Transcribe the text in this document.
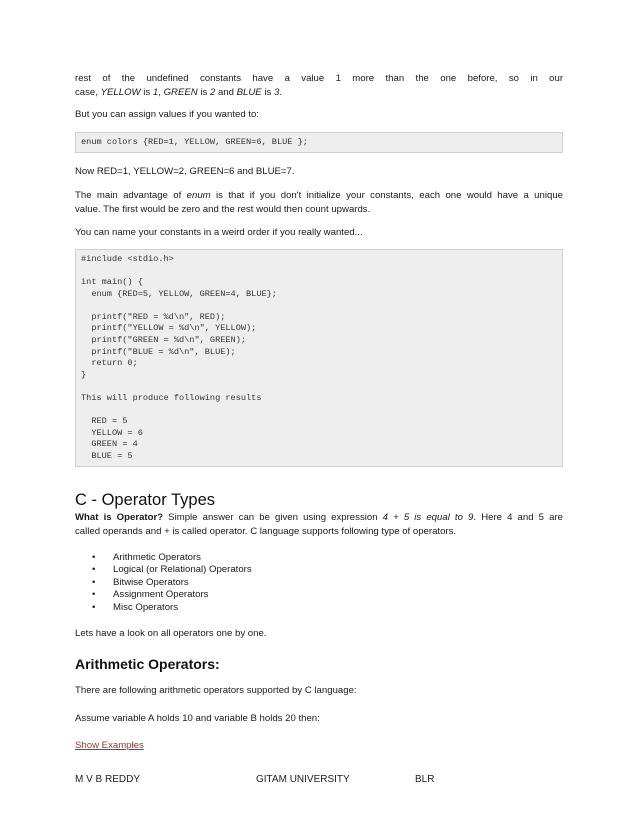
rest of the undefined constants have a value 1 more than the one before, so in our

case, YELLOW is 1, GREEN is 2 and BLUE is 3.

But you can assign values if you wanted to:

enum colors {RED=1, YELLOW, GREEN=6, BLUE };

Now RED=1, YELLOW=2, GREEN=6 and BLUE=7.

The main advantage of enum is that if you don't initialize your constants, each one would have a unique

value. The first would be zero and the rest would then count upwards.

You can name your constants in a weird order if you really wanted...

#include <stdio.h>
int main() {
enum {RED=5, YELLOW, GREEN=4, BLUE};
printf("RED = %d\n", RED);
printf("YELLOW = %d\n", YELLOW);
printf("GREEN = %d\n", GREEN);
printf("BLUE = %d\n", BLUE);
return 0;
}
This will produce following results
RED = 5
YELLOW = 6
GREEN = 4
BLUE = 5
C - Operator Types

What is Operator? Simple answer can be given using expression 4 + 5 is equal to 9. Here 4 and 5 are

called operands and + is called operator. C language supports following type of operators.

• Arithmetic Operators
• Logical (or Relational) Operators
• Bitwise Operators
• Assignment Operators
• Misc Operators

Lets have a look on all operators one by one.

Arithmetic Operators:

There are following arithmetic operators supported by C language:

Assume variable A holds 10 and variable B holds 20 then:

Show Examples

M V B REDDY	GITAM UNIVERSITY	BLR
